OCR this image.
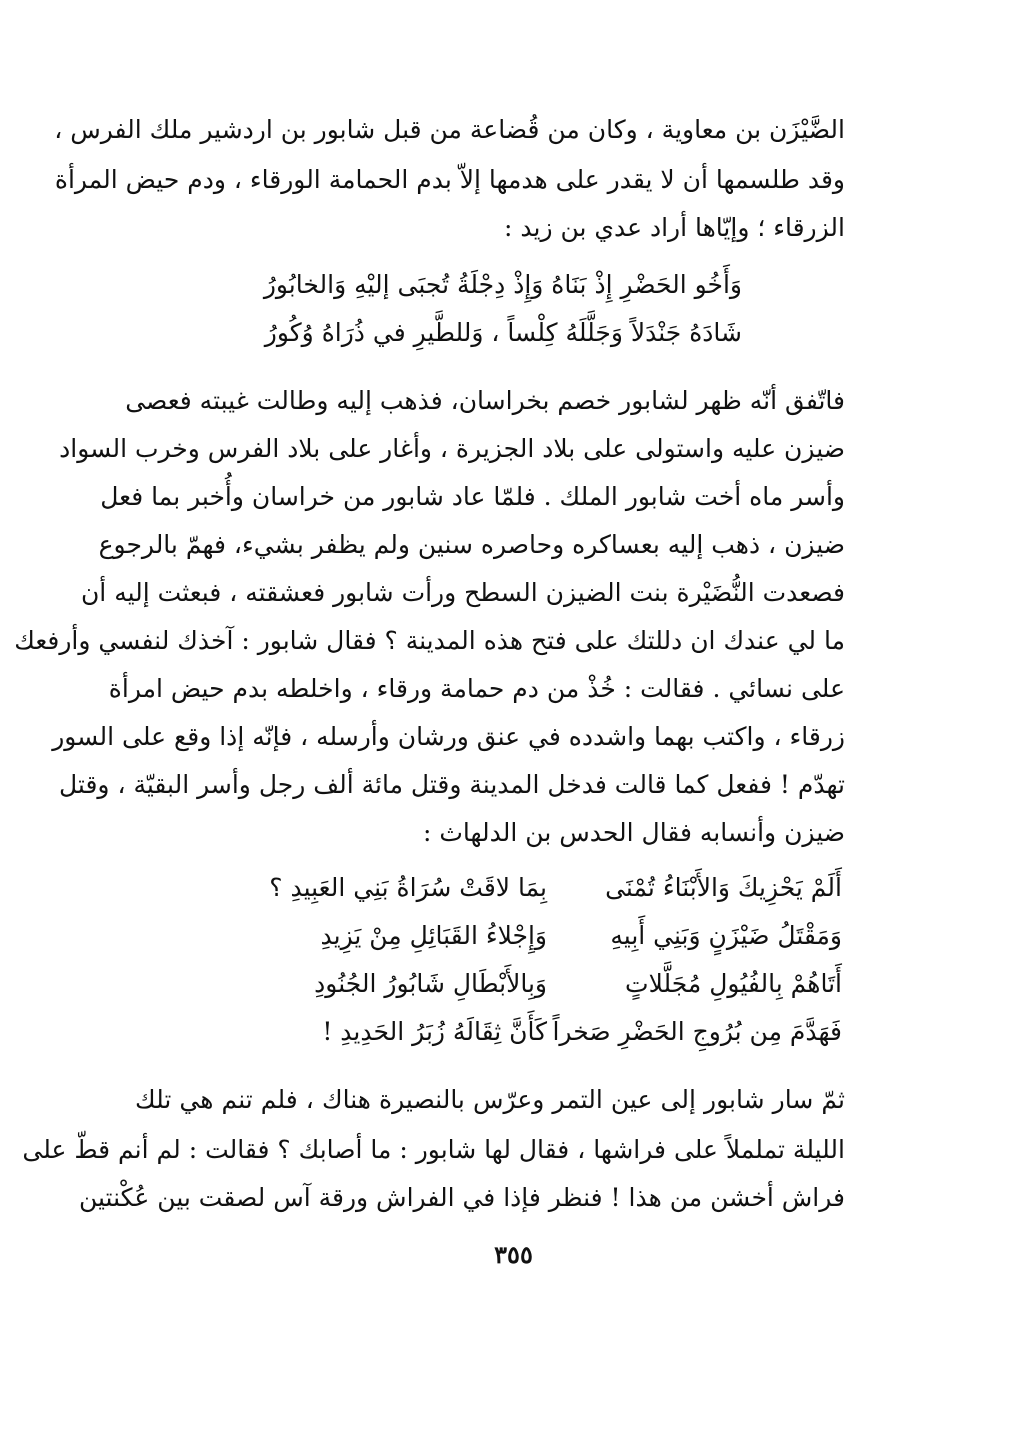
الضَّيْزَن بن معاوية ، وكان من قُضاعة من قبل شابور بن اردشير ملك الفرس ،
وقد طلسمها أن لا يقدر على هدمها إلاّ بدم الحمامة الورقاء ، ودم حيض المرأة
الزرقاء ؛ وإيّاها أراد عدي بن زيد :
وَأَخُو الحَضْرِ إِذْ بَنَاهُ وَإِذْ دِجْلَةُ تُجبَى إليْهِ وَالخابُورُ
شَادَهُ جَنْدَلاً وَجَلَّلَهُ كِلْساً ، وَللطَّيرِ في ذُرَاهُ وُكُورُ
فاتّفق أنّه ظهر لشابور خصم بخراسان، فذهب إليه وطالت غيبته فعصى
ضيزن عليه واستولى على بلاد الجزيرة ، وأغار على بلاد الفرس وخرب السواد
وأسر ماه أخت شابور الملك . فلمّا عاد شابور من خراسان وأُخبر بما فعل
ضيزن ، ذهب إليه بعساكره وحاصره سنين ولم يظفر بشيء، فهمّ بالرجوع
فصعدت النُّضَيْرة بنت الضيزن السطح ورأت شابور فعشقته ، فبعثت إليه أن
ما لي عندك ان دللتك على فتح هذه المدينة ؟ فقال شابور : آخذك لنفسي وأرفعك
على نسائي . فقالت : خُذْ من دم حمامة ورقاء ، واخلطه بدم حيض امرأة
زرقاء ، واكتب بهما واشدده في عنق ورشان وأرسله ، فإنّه إذا وقع على السور
تهدّم ! ففعل كما قالت فدخل المدينة وقتل مائة ألف رجل وأسر البقيّة ، وقتل
ضيزن وأنسابه فقال الحدس بن الدلهاث :
أَلَمْ يَحْزِيكَ وَالأَبْنَاءُ تُمْنَى
بِمَا لاقَتْ سُرَاةُ بَنِي العَبِيدِ ؟
وَمَقْتَلُ ضَيْزَنٍ وَبَنِي أَبِيهِ
وَإِجْلاءُ القَبَائِلِ مِنْ يَزِيدِ
أَتَاهُمْ بِالفُيُولِ مُجَلَّلاتٍ
وَبِالأَبْطَالِ شَابُورُ الجُنُودِ
فَهَدَّمَ مِن بُرُوجِ الحَضْرِ صَخراً
كَأَنَّ ثِقَالَهُ زُبَرُ الحَدِيدِ !
ثمّ سار شابور إلى عين التمر وعرّس بالنصيرة هناك ، فلم تنم هي تلك
الليلة تململاً على فراشها ، فقال لها شابور : ما أصابك ؟ فقالت : لم أنم قطّ على
فراش أخشن من هذا ! فنظر فإذا في الفراش ورقة آس لصقت بين عُكْنتين
٣٥٥
